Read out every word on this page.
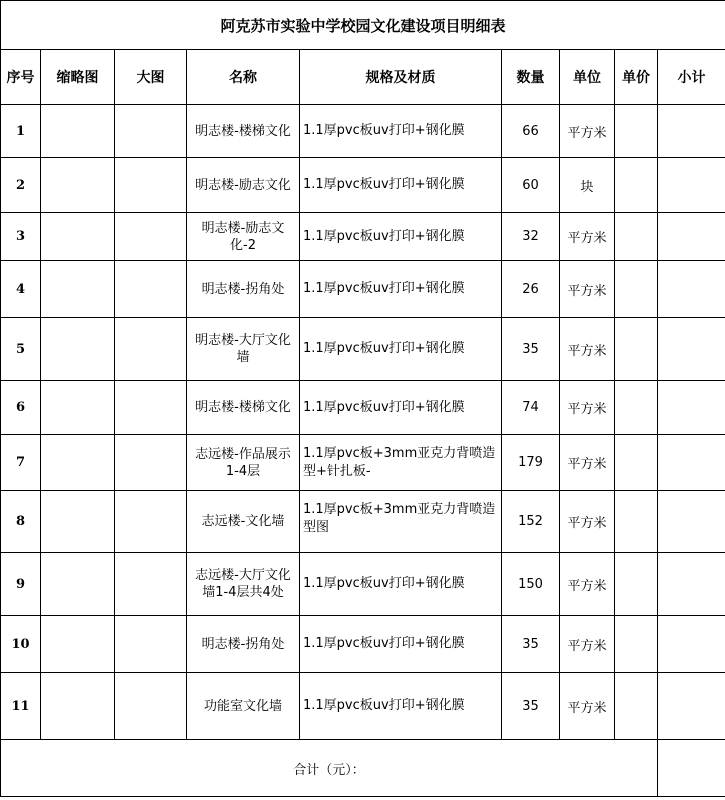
阿克苏市实验中学校园文化建设项目明细表								
序号	缩略图	大图	名称	规格及材质	数量	单位	单价	小计
1			明志楼-楼梯文化	1.1厚pvc板uv打印+钢化膜	66	平方米		
2			明志楼-励志文化	1.1厚pvc板uv打印+钢化膜	60	块		
3			明志楼-励志文化-2	1.1厚pvc板uv打印+钢化膜	32	平方米		
4			明志楼-拐角处	1.1厚pvc板uv打印+钢化膜	26	平方米		
5			明志楼-大厅文化墙	1.1厚pvc板uv打印+钢化膜	35	平方米		
6			明志楼-楼梯文化	1.1厚pvc板uv打印+钢化膜	74	平方米		
7			志远楼-作品展示1-4层	1.1厚pvc板+3mm亚克力背喷造型+针扎板-	179	平方米		
8			志远楼-文化墙	1.1厚pvc板+3mm亚克力背喷造型图	152	平方米		
9			志远楼-大厅文化墙1-4层共4处	1.1厚pvc板uv打印+钢化膜	150	平方米		
10			明志楼-拐角处	1.1厚pvc板uv打印+钢化膜	35	平方米		
11			功能室文化墙	1.1厚pvc板uv打印+钢化膜	35	平方米		
合计（元）：								
